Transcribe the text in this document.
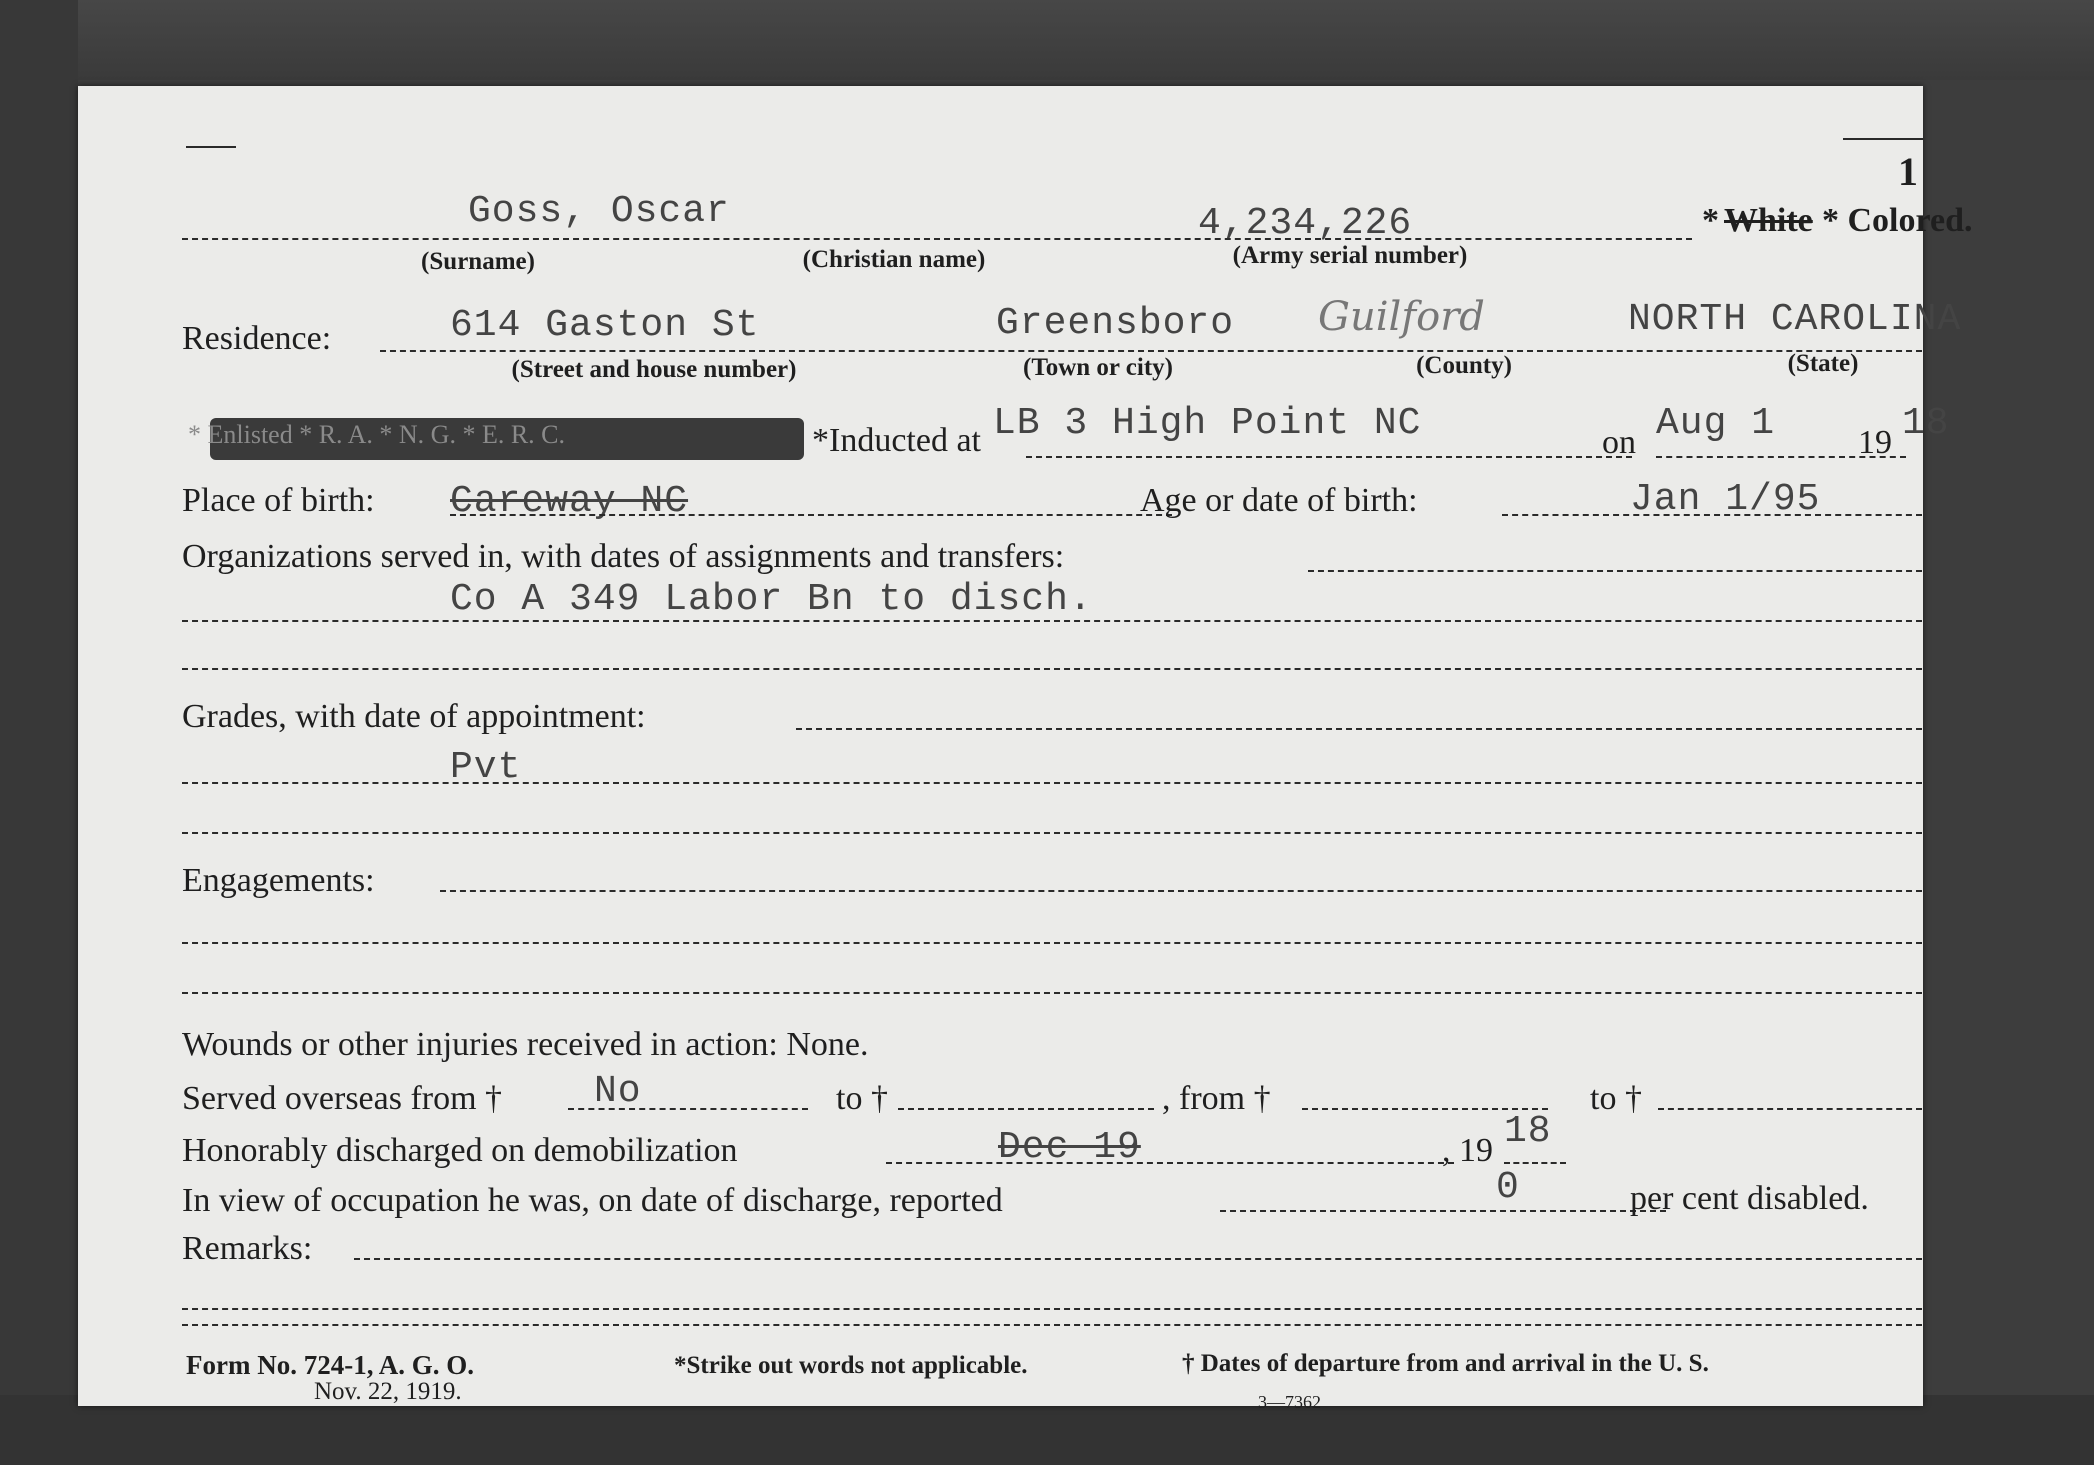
1
Goss, Oscar	4,234,226	* White * Colored.
(Surname)	(Christian name)	(Army serial number)
Residence:	614 Gaston St	Greensboro Guilford	NORTH CAROLINA
(Street and house number)	(Town or city)	(County)	(State)
* Enlisted * R. A. * N. G. * E. R. C.	*Inducted at LB 3 High Point NC	on Aug 1 19 18
Place of birth: Careway NC	Age or date of birth:	Jan 1/95
Organizations served in, with dates of assignments and transfers:
Co A 349 Labor Bn to disch.
Grades, with date of appointment:
Pvt
Engagements:
Wounds or other injuries received in action: None.
Served overseas from † No	to †	, from †	to †
Honorably discharged on demobilization	Dec 19	, 19 18
In view of occupation he was, on date of discharge, reported	0	per cent disabled.
Remarks:
Form No. 724-1, A. G. O.
Nov. 22, 1919.
*Strike out words not applicable.	† Dates of departure from and arrival in the U. S.
3—7362
